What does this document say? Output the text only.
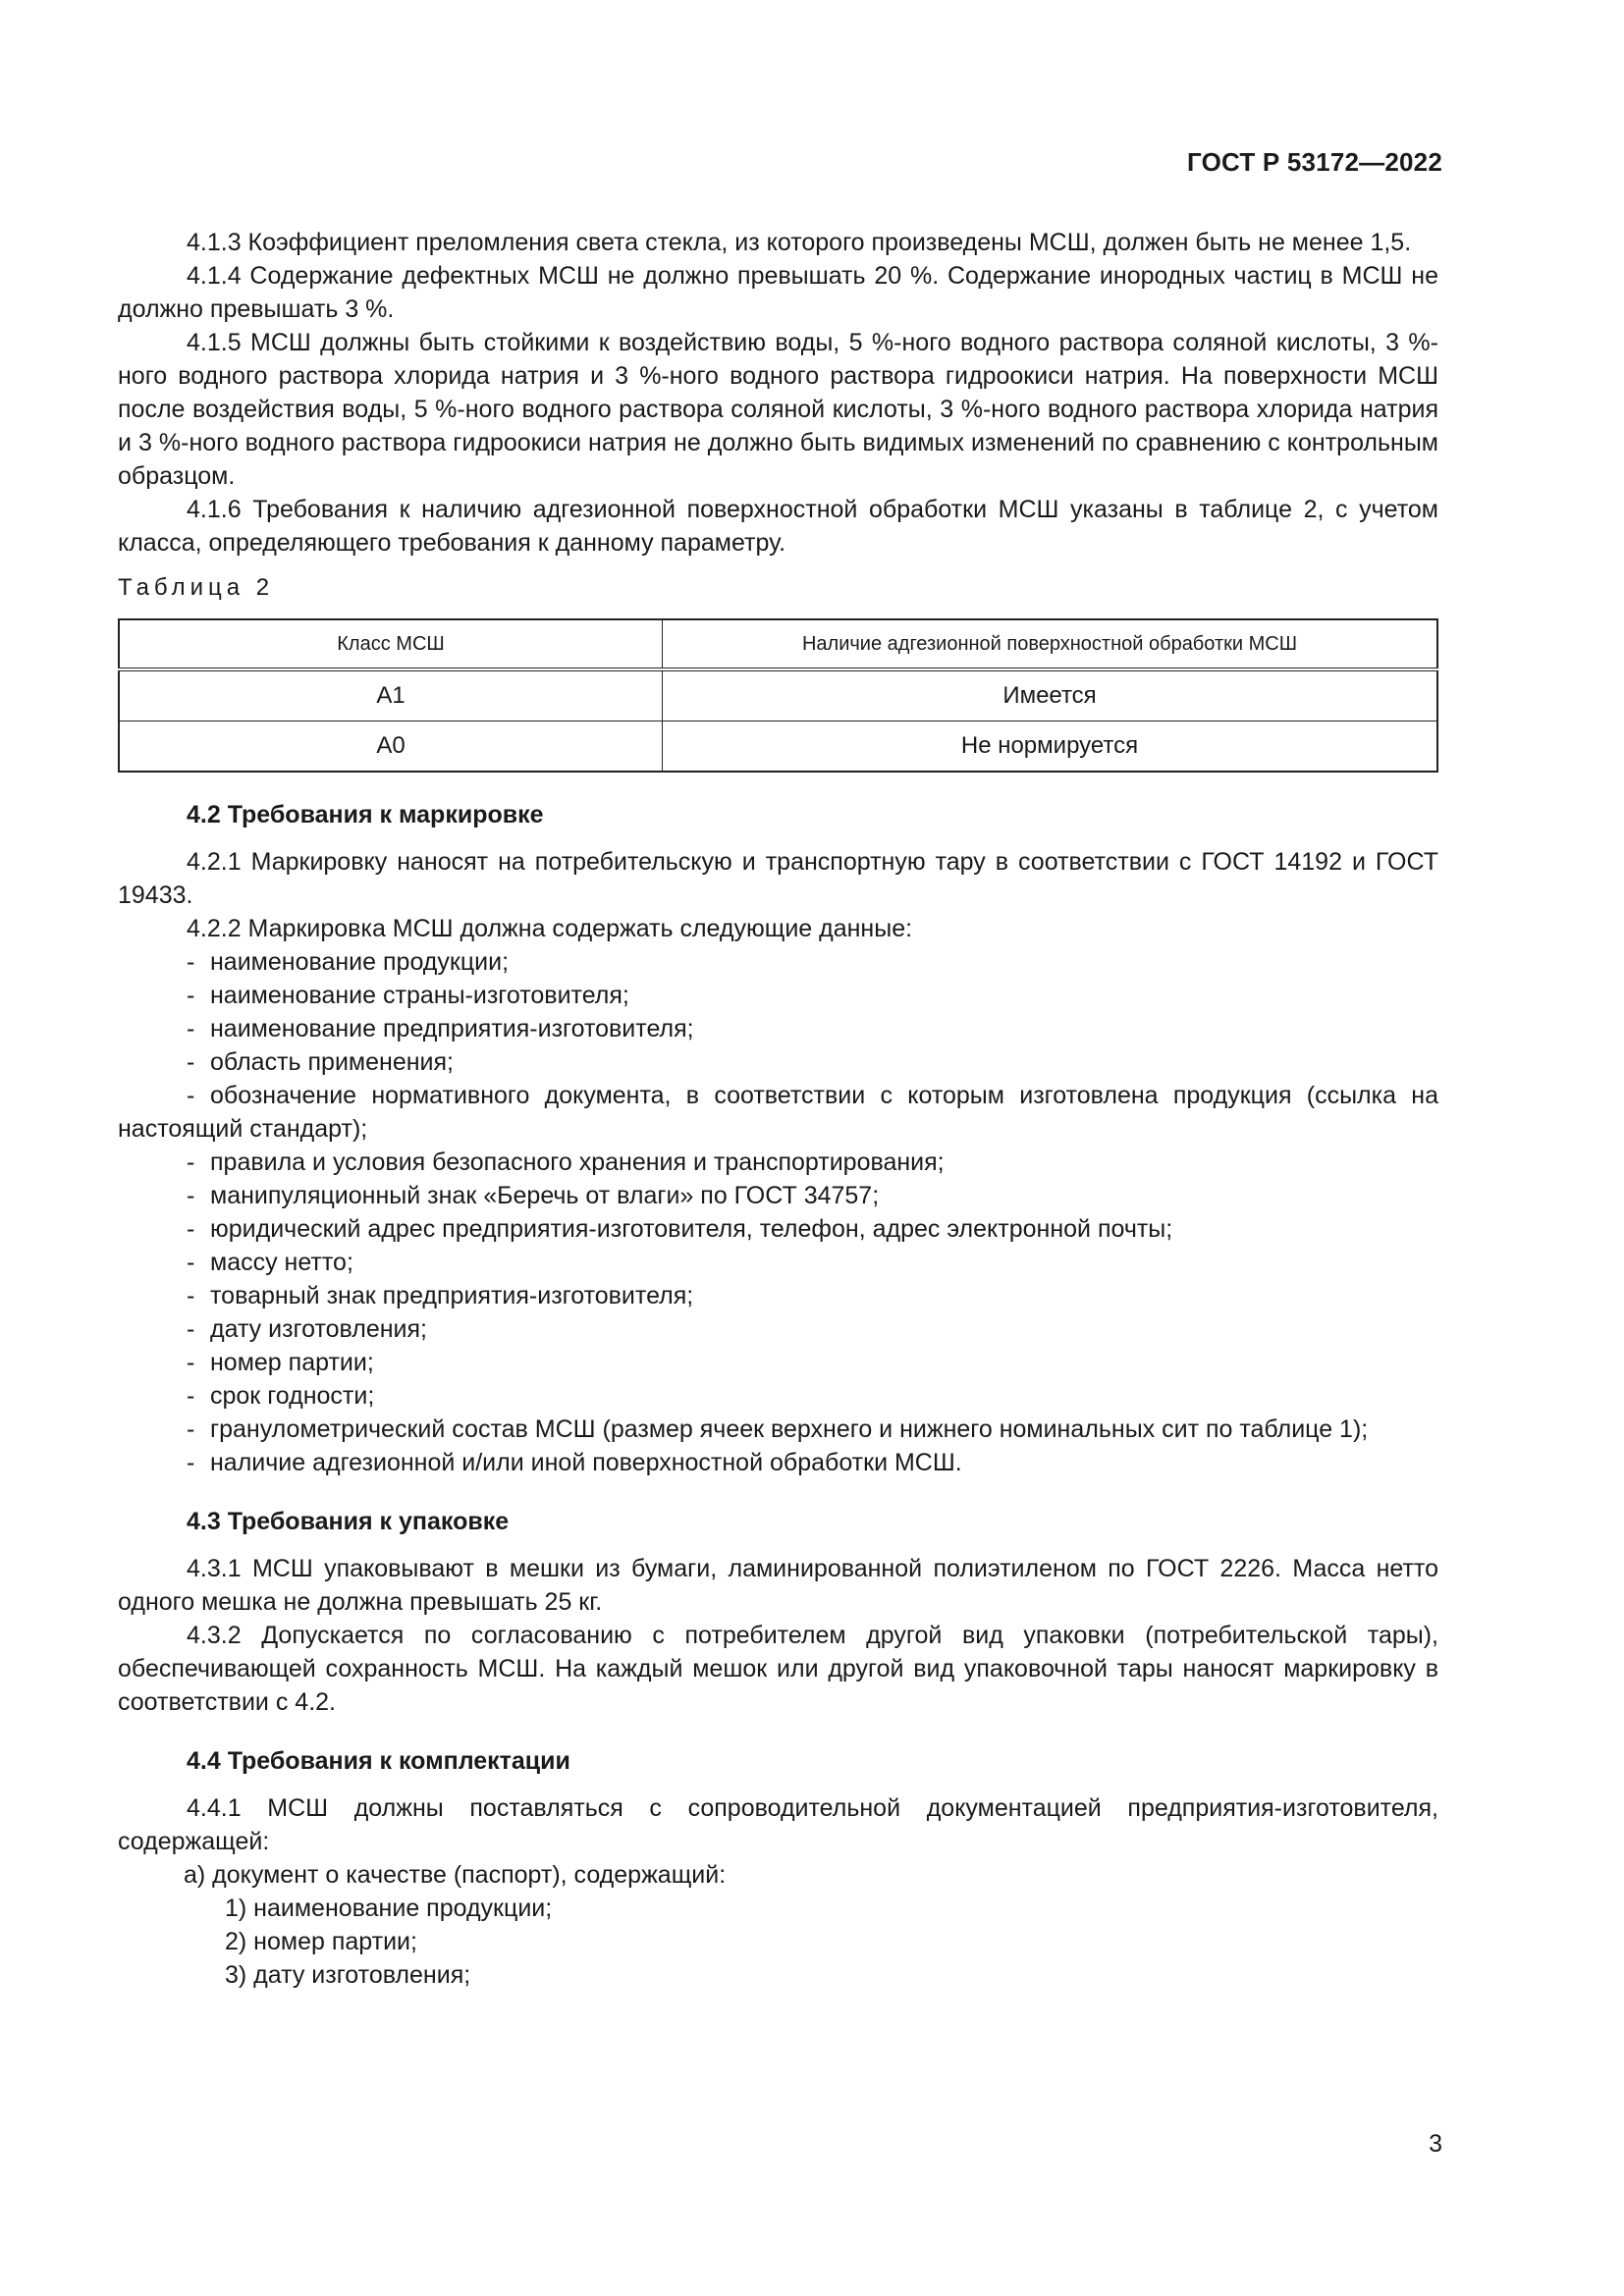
ГОСТ Р 53172—2022

4.1.3 Коэффициент преломления света стекла, из которого произведены МСШ, должен быть не менее 1,5.

4.1.4 Содержание дефектных МСШ не должно превышать 20 %. Содержание инородных частиц в МСШ не должно превышать 3 %.

4.1.5 МСШ должны быть стойкими к воздействию воды, 5 %-ного водного раствора соляной кислоты, 3 %-ного водного раствора хлорида натрия и 3 %-ного водного раствора гидроокиси натрия. На поверхности МСШ после воздействия воды, 5 %-ного водного раствора соляной кислоты, 3 %-ного водного раствора хлорида натрия и 3 %-ного водного раствора гидроокиси натрия не должно быть видимых изменений по сравнению с контрольным образцом.

4.1.6 Требования к наличию адгезионной поверхностной обработки МСШ указаны в таблице 2, с учетом класса, определяющего требования к данному параметру.

Таблица 2

Класс МСШ	Наличие адгезионной поверхностной обработки МСШ
А1	Имеется
А0	Не нормируется
4.2 Требования к маркировке

4.2.1 Маркировку наносят на потребительскую и транспортную тару в соответствии с ГОСТ 14192 и ГОСТ 19433.

4.2.2 Маркировка МСШ должна содержать следующие данные:

- наименование продукции;

- наименование страны-изготовителя;

- наименование предприятия-изготовителя;

- область применения;

- обозначение нормативного документа, в соответствии с которым изготовлена продукция (ссылка на настоящий стандарт);

- правила и условия безопасного хранения и транспортирования;

- манипуляционный знак «Беречь от влаги» по ГОСТ 34757;

- юридический адрес предприятия-изготовителя, телефон, адрес электронной почты;

- массу нетто;

- товарный знак предприятия-изготовителя;

- дату изготовления;

- номер партии;

- срок годности;

- гранулометрический состав МСШ (размер ячеек верхнего и нижнего номинальных сит по таблице 1);

- наличие адгезионной и/или иной поверхностной обработки МСШ.

4.3 Требования к упаковке

4.3.1 МСШ упаковывают в мешки из бумаги, ламинированной полиэтиленом по ГОСТ 2226. Масса нетто одного мешка не должна превышать 25 кг.

4.3.2 Допускается по согласованию с потребителем другой вид упаковки (потребительской тары), обеспечивающей сохранность МСШ. На каждый мешок или другой вид упаковочной тары наносят маркировку в соответствии с 4.2.

4.4 Требования к комплектации

4.4.1 МСШ должны поставляться с сопроводительной документацией предприятия-изготовителя, содержащей:

а) документ о качестве (паспорт), содержащий:

1) наименование продукции;

2) номер партии;

3) дату изготовления;

3
